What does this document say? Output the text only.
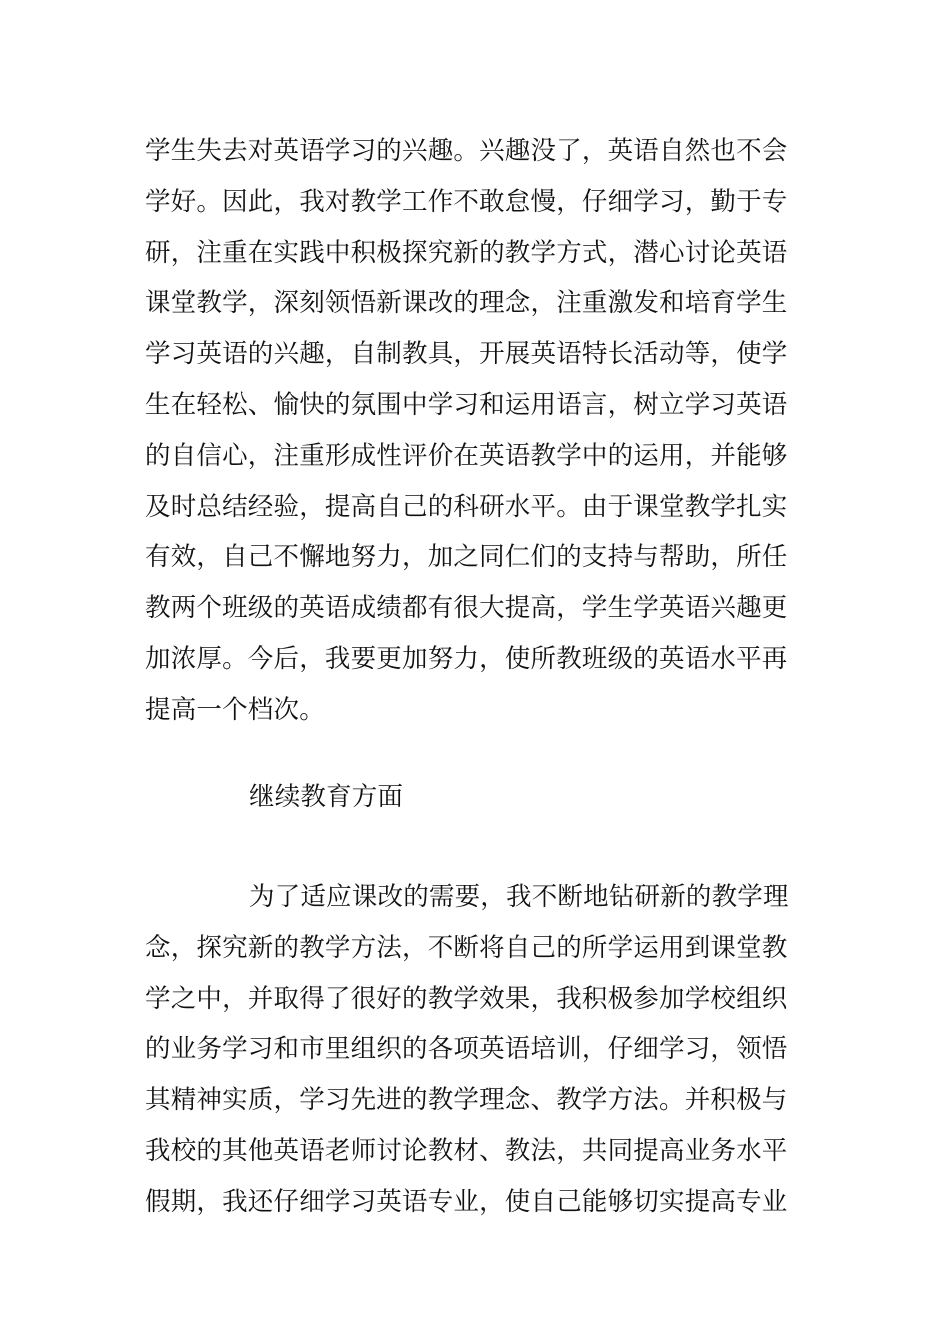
学生失去对英语学习的兴趣。兴趣没了，英语自然也不会
学好。因此，我对教学工作不敢怠慢，仔细学习，勤于专
研，注重在实践中积极探究新的教学方式，潜心讨论英语
课堂教学，深刻领悟新课改的理念，注重激发和培育学生
学习英语的兴趣，自制教具，开展英语特长活动等，使学
生在轻松、愉快的氛围中学习和运用语言，树立学习英语
的自信心，注重形成性评价在英语教学中的运用，并能够
及时总结经验，提高自己的科研水平。由于课堂教学扎实
有效，自己不懈地努力，加之同仁们的支持与帮助，所任
教两个班级的英语成绩都有很大提高，学生学英语兴趣更
加浓厚。今后，我要更加努力，使所教班级的英语水平再
提高一个档次。
继续教育方面
为了适应课改的需要，我不断地钻研新的教学理
念，探究新的教学方法，不断将自己的所学运用到课堂教
学之中，并取得了很好的教学效果，我积极参加学校组织
的业务学习和市里组织的各项英语培训，仔细学习，领悟
其精神实质，学习先进的教学理念、教学方法。并积极与
我校的其他英语老师讨论教材、教法，共同提高业务水平
假期，我还仔细学习英语专业，使自己能够切实提高专业
